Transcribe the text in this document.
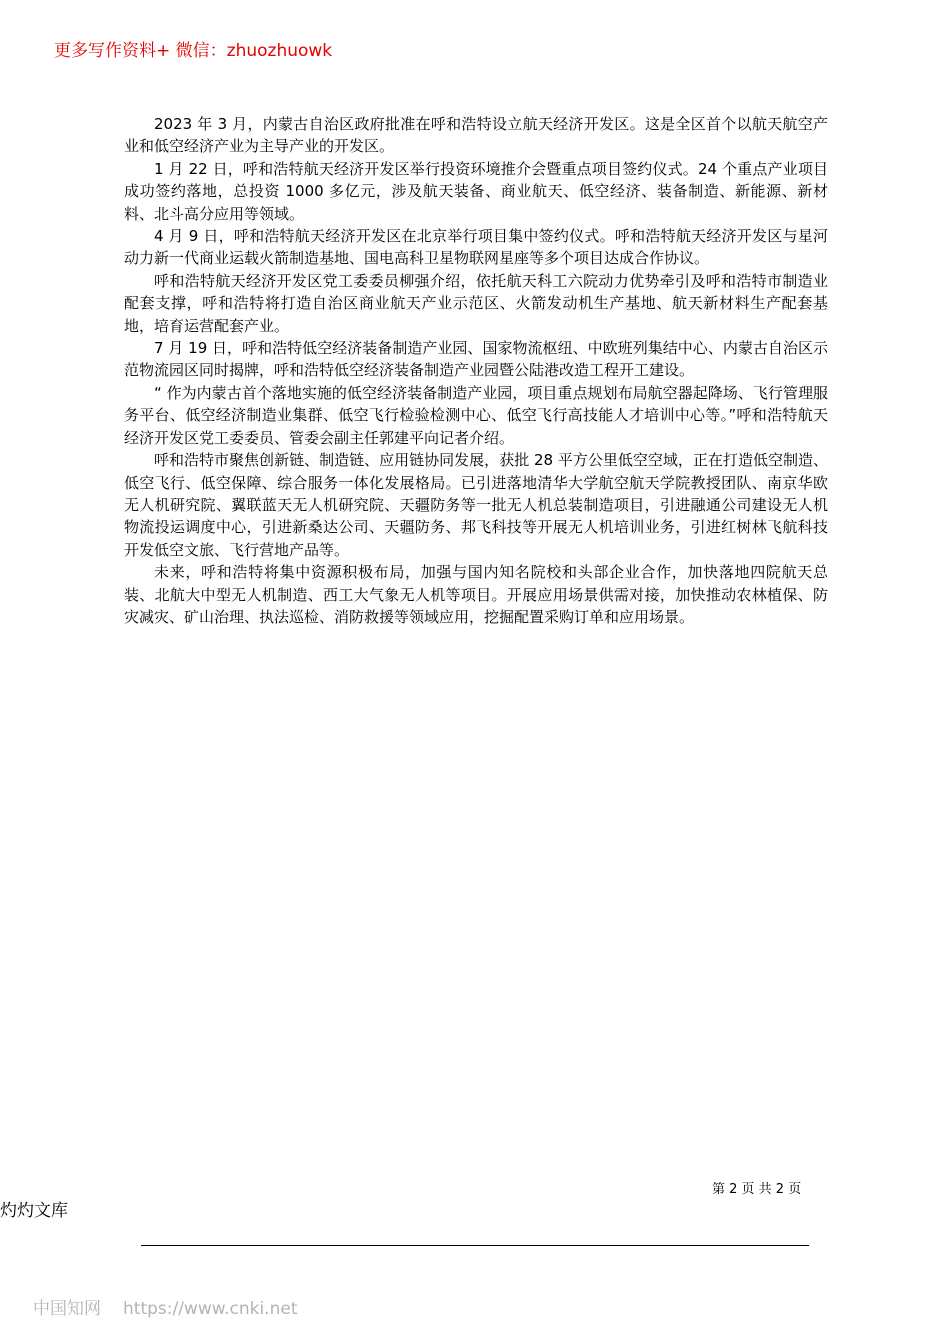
更多写作资料+ 微信：zhuozhuowk

2023 年 3 月，内蒙古自治区政府批准在呼和浩特设立航天经济开发区。这是全区首个以航天航空产业和低空经济产业为主导产业的开发区。

1 月 22 日，呼和浩特航天经济开发区举行投资环境推介会暨重点项目签约仪式。24 个重点产业项目成功签约落地，总投资 1000 多亿元，涉及航天装备、商业航天、低空经济、装备制造、新能源、新材料、北斗高分应用等领域。

4 月 9 日，呼和浩特航天经济开发区在北京举行项目集中签约仪式。呼和浩特航天经济开发区与星河动力新一代商业运载火箭制造基地、国电高科卫星物联网星座等多个项目达成合作协议。

呼和浩特航天经济开发区党工委委员柳强介绍，依托航天科工六院动力优势牵引及呼和浩特市制造业配套支撑，呼和浩特将打造自治区商业航天产业示范区、火箭发动机生产基地、航天新材料生产配套基地，培育运营配套产业。

7 月 19 日，呼和浩特低空经济装备制造产业园、国家物流枢纽、中欧班列集结中心、内蒙古自治区示范物流园区同时揭牌，呼和浩特低空经济装备制造产业园暨公陆港改造工程开工建设。

“ 作为内蒙古首个落地实施的低空经济装备制造产业园，项目重点规划布局航空器起降场、飞行管理服务平台、低空经济制造业集群、低空飞行检验检测中心、低空飞行高技能人才培训中心等。”呼和浩特航天经济开发区党工委委员、管委会副主任郭建平向记者介绍。

呼和浩特市聚焦创新链、制造链、应用链协同发展，获批 28 平方公里低空空域，正在打造低空制造、低空飞行、低空保障、综合服务一体化发展格局。已引进落地清华大学航空航天学院教授团队、南京华欧无人机研究院、翼联蓝天无人机研究院、天疆防务等一批无人机总装制造项目，引进融通公司建设无人机物流投运调度中心，引进新桑达公司、天疆防务、邦飞科技等开展无人机培训业务，引进红树林飞航科技开发低空文旅、飞行营地产品等。

未来，呼和浩特将集中资源积极布局，加强与国内知名院校和头部企业合作，加快落地四院航天总装、北航大中型无人机制造、西工大气象无人机等项目。开展应用场景供需对接，加快推动农林植保、防灾减灾、矿山治理、执法巡检、消防救援等领域应用，挖掘配置采购订单和应用场景。

第 2 页 共 2 页
灼灼文库
中国知网 https://www.cnki.net
